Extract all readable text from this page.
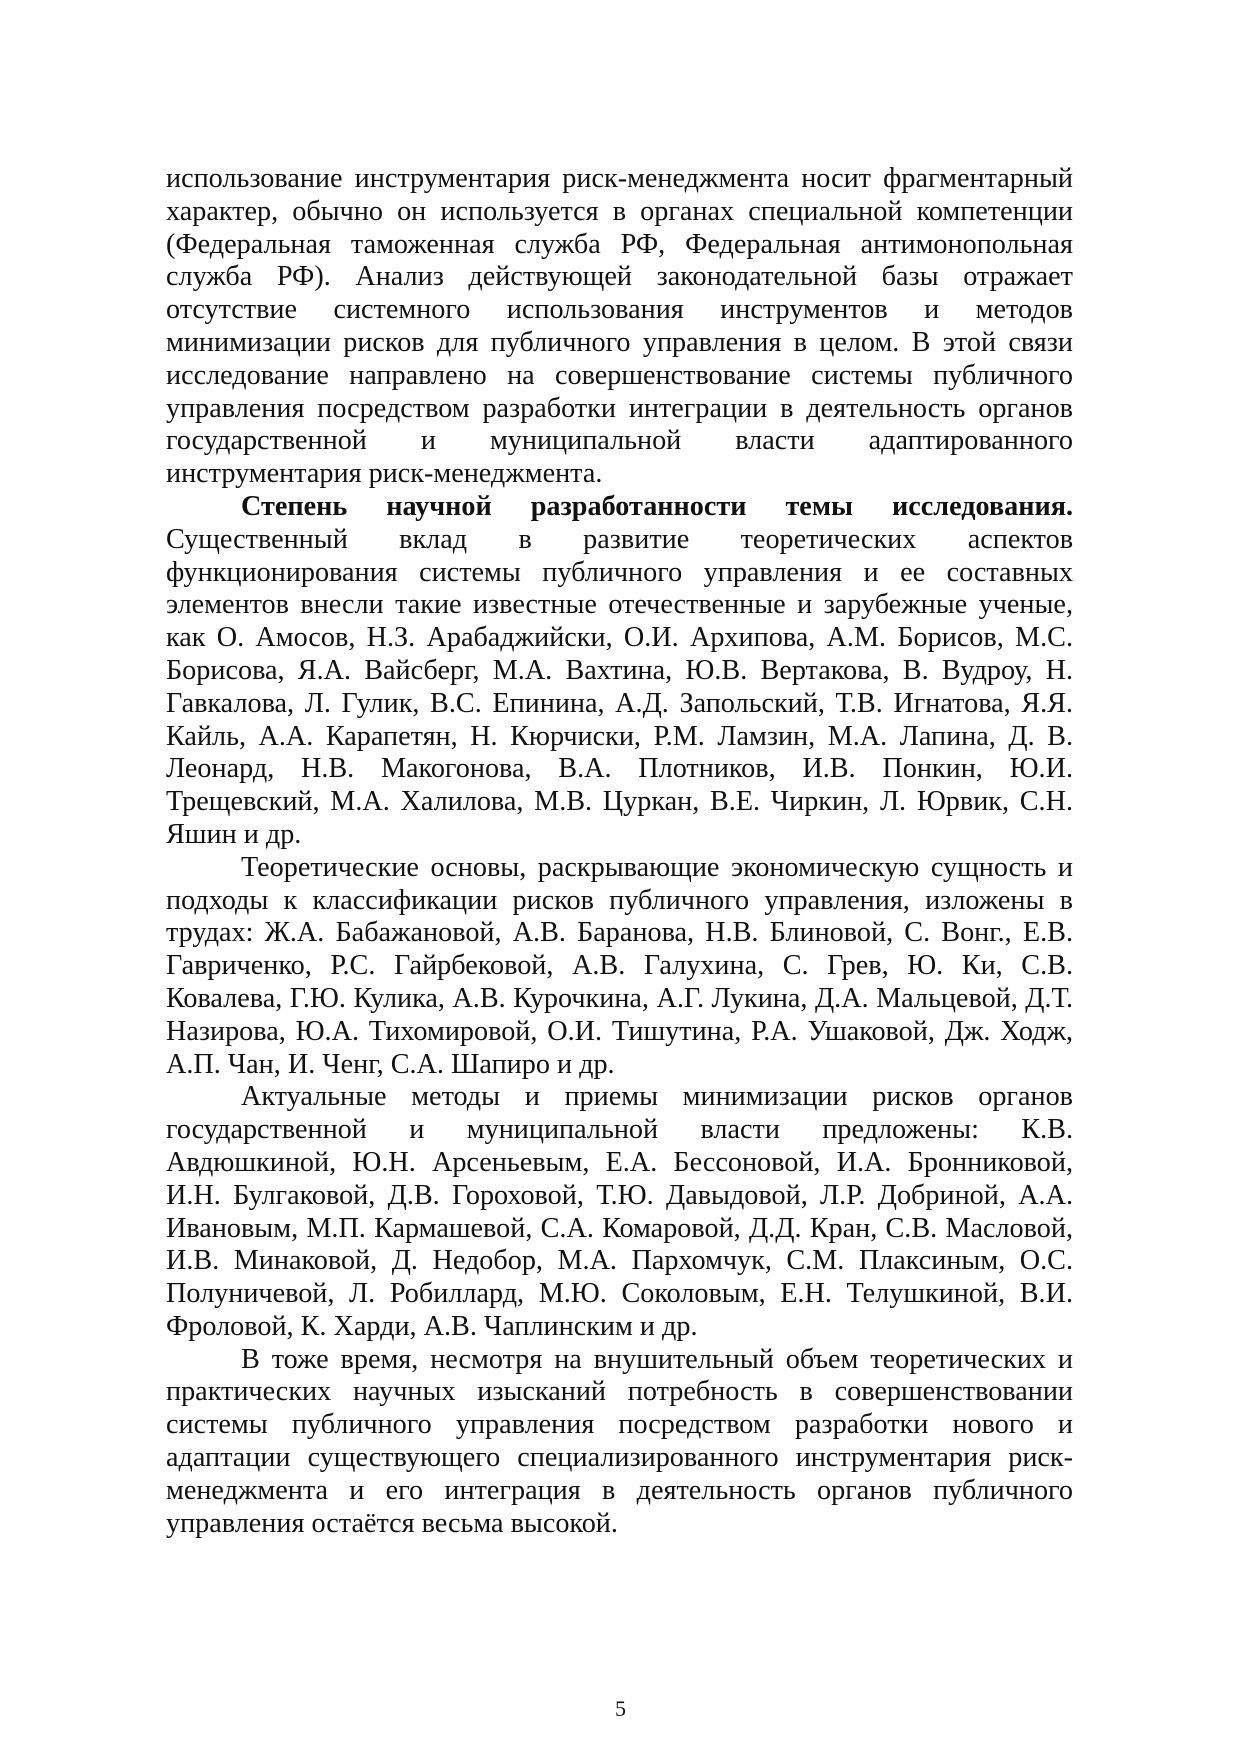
использование инструментария риск-менеджмента носит фрагментарный характер, обычно он используется в органах специальной компетенции (Федеральная таможенная служба РФ, Федеральная антимонопольная служба РФ). Анализ действующей законодательной базы отражает отсутствие системного использования инструментов и методов минимизации рисков для публичного управления в целом. В этой связи исследование направлено на совершенствование системы публичного управления посредством разработки интеграции в деятельность органов государственной и муниципальной власти адаптированного инструментария риск-менеджмента.

Степень научной разработанности темы исследования. Существенный вклад в развитие теоретических аспектов функционирования системы публичного управления и ее составных элементов внесли такие известные отечественные и зарубежные ученые, как О. Амосов, Н.З. Арабаджийски, О.И. Архипова, А.М. Борисов, М.С. Борисова, Я.А. Вайсберг, М.А. Вахтина, Ю.В. Вертакова, В. Вудроу, Н. Гавкалова, Л. Гулик, В.С. Епинина, А.Д. Запольский, Т.В. Игнатова, Я.Я. Кайль, А.А. Карапетян, Н. Кюрчиски, Р.М. Ламзин, М.А. Лапина, Д. В. Леонард, Н.В. Макогонова, В.А. Плотников, И.В. Понкин, Ю.И. Трещевский, М.А. Халилова, М.В. Цуркан, В.Е. Чиркин, Л. Юрвик, С.Н. Яшин и др.

Теоретические основы, раскрывающие экономическую сущность и подходы к классификации рисков публичного управления, изложены в трудах: Ж.А. Бабажановой, А.В. Баранова, Н.В. Блиновой, С. Вонг., Е.В. Гавриченко, Р.С. Гайрбековой, А.В. Галухина, С. Грев, Ю. Ки, С.В. Ковалева, Г.Ю. Кулика, А.В. Курочкина, А.Г. Лукина, Д.А. Мальцевой, Д.Т. Назирова, Ю.А. Тихомировой, О.И. Тишутина, Р.А. Ушаковой, Дж. Ходж, А.П. Чан, И. Ченг, С.А. Шапиро и др.

Актуальные методы и приемы минимизации рисков органов государственной и муниципальной власти предложены: К.В. Авдюшкиной, Ю.Н. Арсеньевым, Е.А. Бессоновой, И.А. Бронниковой, И.Н. Булгаковой, Д.В. Гороховой, Т.Ю. Давыдовой, Л.Р. Добриной, А.А. Ивановым, М.П. Кармашевой, С.А. Комаровой, Д.Д. Кран, С.В. Масловой, И.В. Минаковой, Д. Недобор, М.А. Пархомчук, С.М. Плаксиным, О.С. Полуничевой, Л. Робиллард, М.Ю. Соколовым, Е.Н. Телушкиной, В.И. Фроловой, К. Харди, А.В. Чаплинским и др.

В тоже время, несмотря на внушительный объем теоретических и практических научных изысканий потребность в совершенствовании системы публичного управления посредством разработки нового и адаптации существующего специализированного инструментария риск-менеджмента и его интеграция в деятельность органов публичного управления остаётся весьма высокой.

5
